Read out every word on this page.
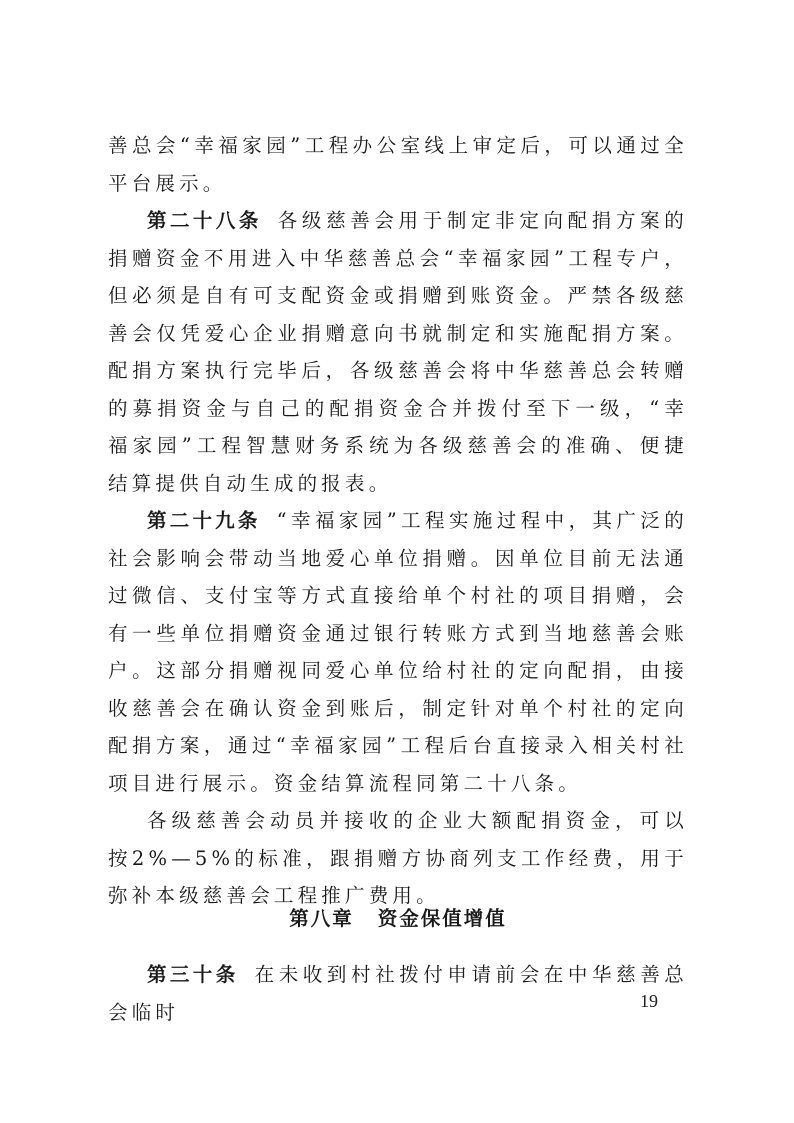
善总会“幸福家园”工程办公室线上审定后，可以通过全平台展示。

第二十八条 各级慈善会用于制定非定向配捐方案的捐赠资金不用进入中华慈善总会“幸福家园”工程专户，但必须是自有可支配资金或捐赠到账资金。严禁各级慈善会仅凭爱心企业捐赠意向书就制定和实施配捐方案。配捐方案执行完毕后，各级慈善会将中华慈善总会转赠的募捐资金与自己的配捐资金合并拨付至下一级，“幸福家园”工程智慧财务系统为各级慈善会的准确、便捷结算提供自动生成的报表。

第二十九条 “幸福家园”工程实施过程中，其广泛的社会影响会带动当地爱心单位捐赠。因单位目前无法通过微信、支付宝等方式直接给单个村社的项目捐赠，会有一些单位捐赠资金通过银行转账方式到当地慈善会账户。这部分捐赠视同爱心单位给村社的定向配捐，由接收慈善会在确认资金到账后，制定针对单个村社的定向配捐方案，通过“幸福家园”工程后台直接录入相关村社项目进行展示。资金结算流程同第二十八条。

各级慈善会动员并接收的企业大额配捐资金，可以按2%—5%的标准，跟捐赠方协商列支工作经费，用于弥补本级慈善会工程推广费用。

第八章 资金保值增值

第三十条 在未收到村社拨付申请前会在中华慈善总会临时	19
